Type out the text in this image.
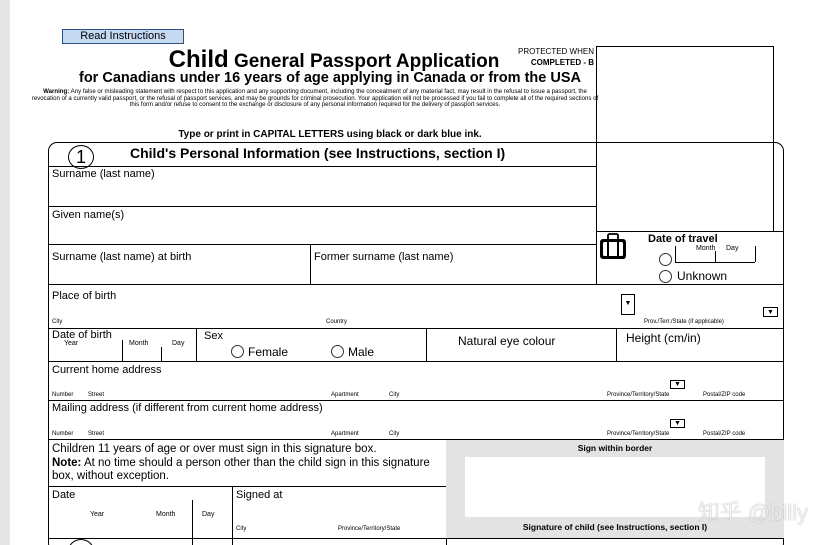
Read Instructions
Child General Passport Application	PROTECTED WHEN
COMPLETED - B
for Canadians under 16 years of age applying in Canada or from the USA
Warning: Any false or misleading statement with respect to this application and any supporting document, including the concealment of any material fact, may result in the refusal to issue a passport, the revocation of a currently valid passport, or the refusal of passport services, and may be grounds for criminal prosecution. Your application will not be processed if you fail to complete all of the required sections of this form and/or refuse to consent to the exchange or disclosure of any personal information required for the delivery of passport services.
Type or print in CAPITAL LETTERS using black or dark blue ink.
1	Child's Personal Information (see Instructions, section I)
Surname (last name)
Given name(s)
Surname (last name) at birth	Former surname (last name)
Date of travel
Month Day
Unknown
Place of birth
City	Country	Prov./Terr./State (if applicable)
▼
▼
Date of birth
Year	Month	Day
Sex
Female	Male
Natural eye colour	Height (cm/in)
Current home address
Number Street	Apartment	City	Province/Territory/State	Postal/ZIP code
▼
Mailing address (if different from current home address)
Number Street	Apartment	City	Province/Territory/State	Postal/ZIP code
▼
Children 11 years of age or over must sign in this signature box.
Note: At no time should a person other than the child sign in this signature box, without exception.
Sign within border
Signature of child (see Instructions, section I)
Date
Year	Month	Day
Signed at
City	Province/Territory/State
知乎 @billy
